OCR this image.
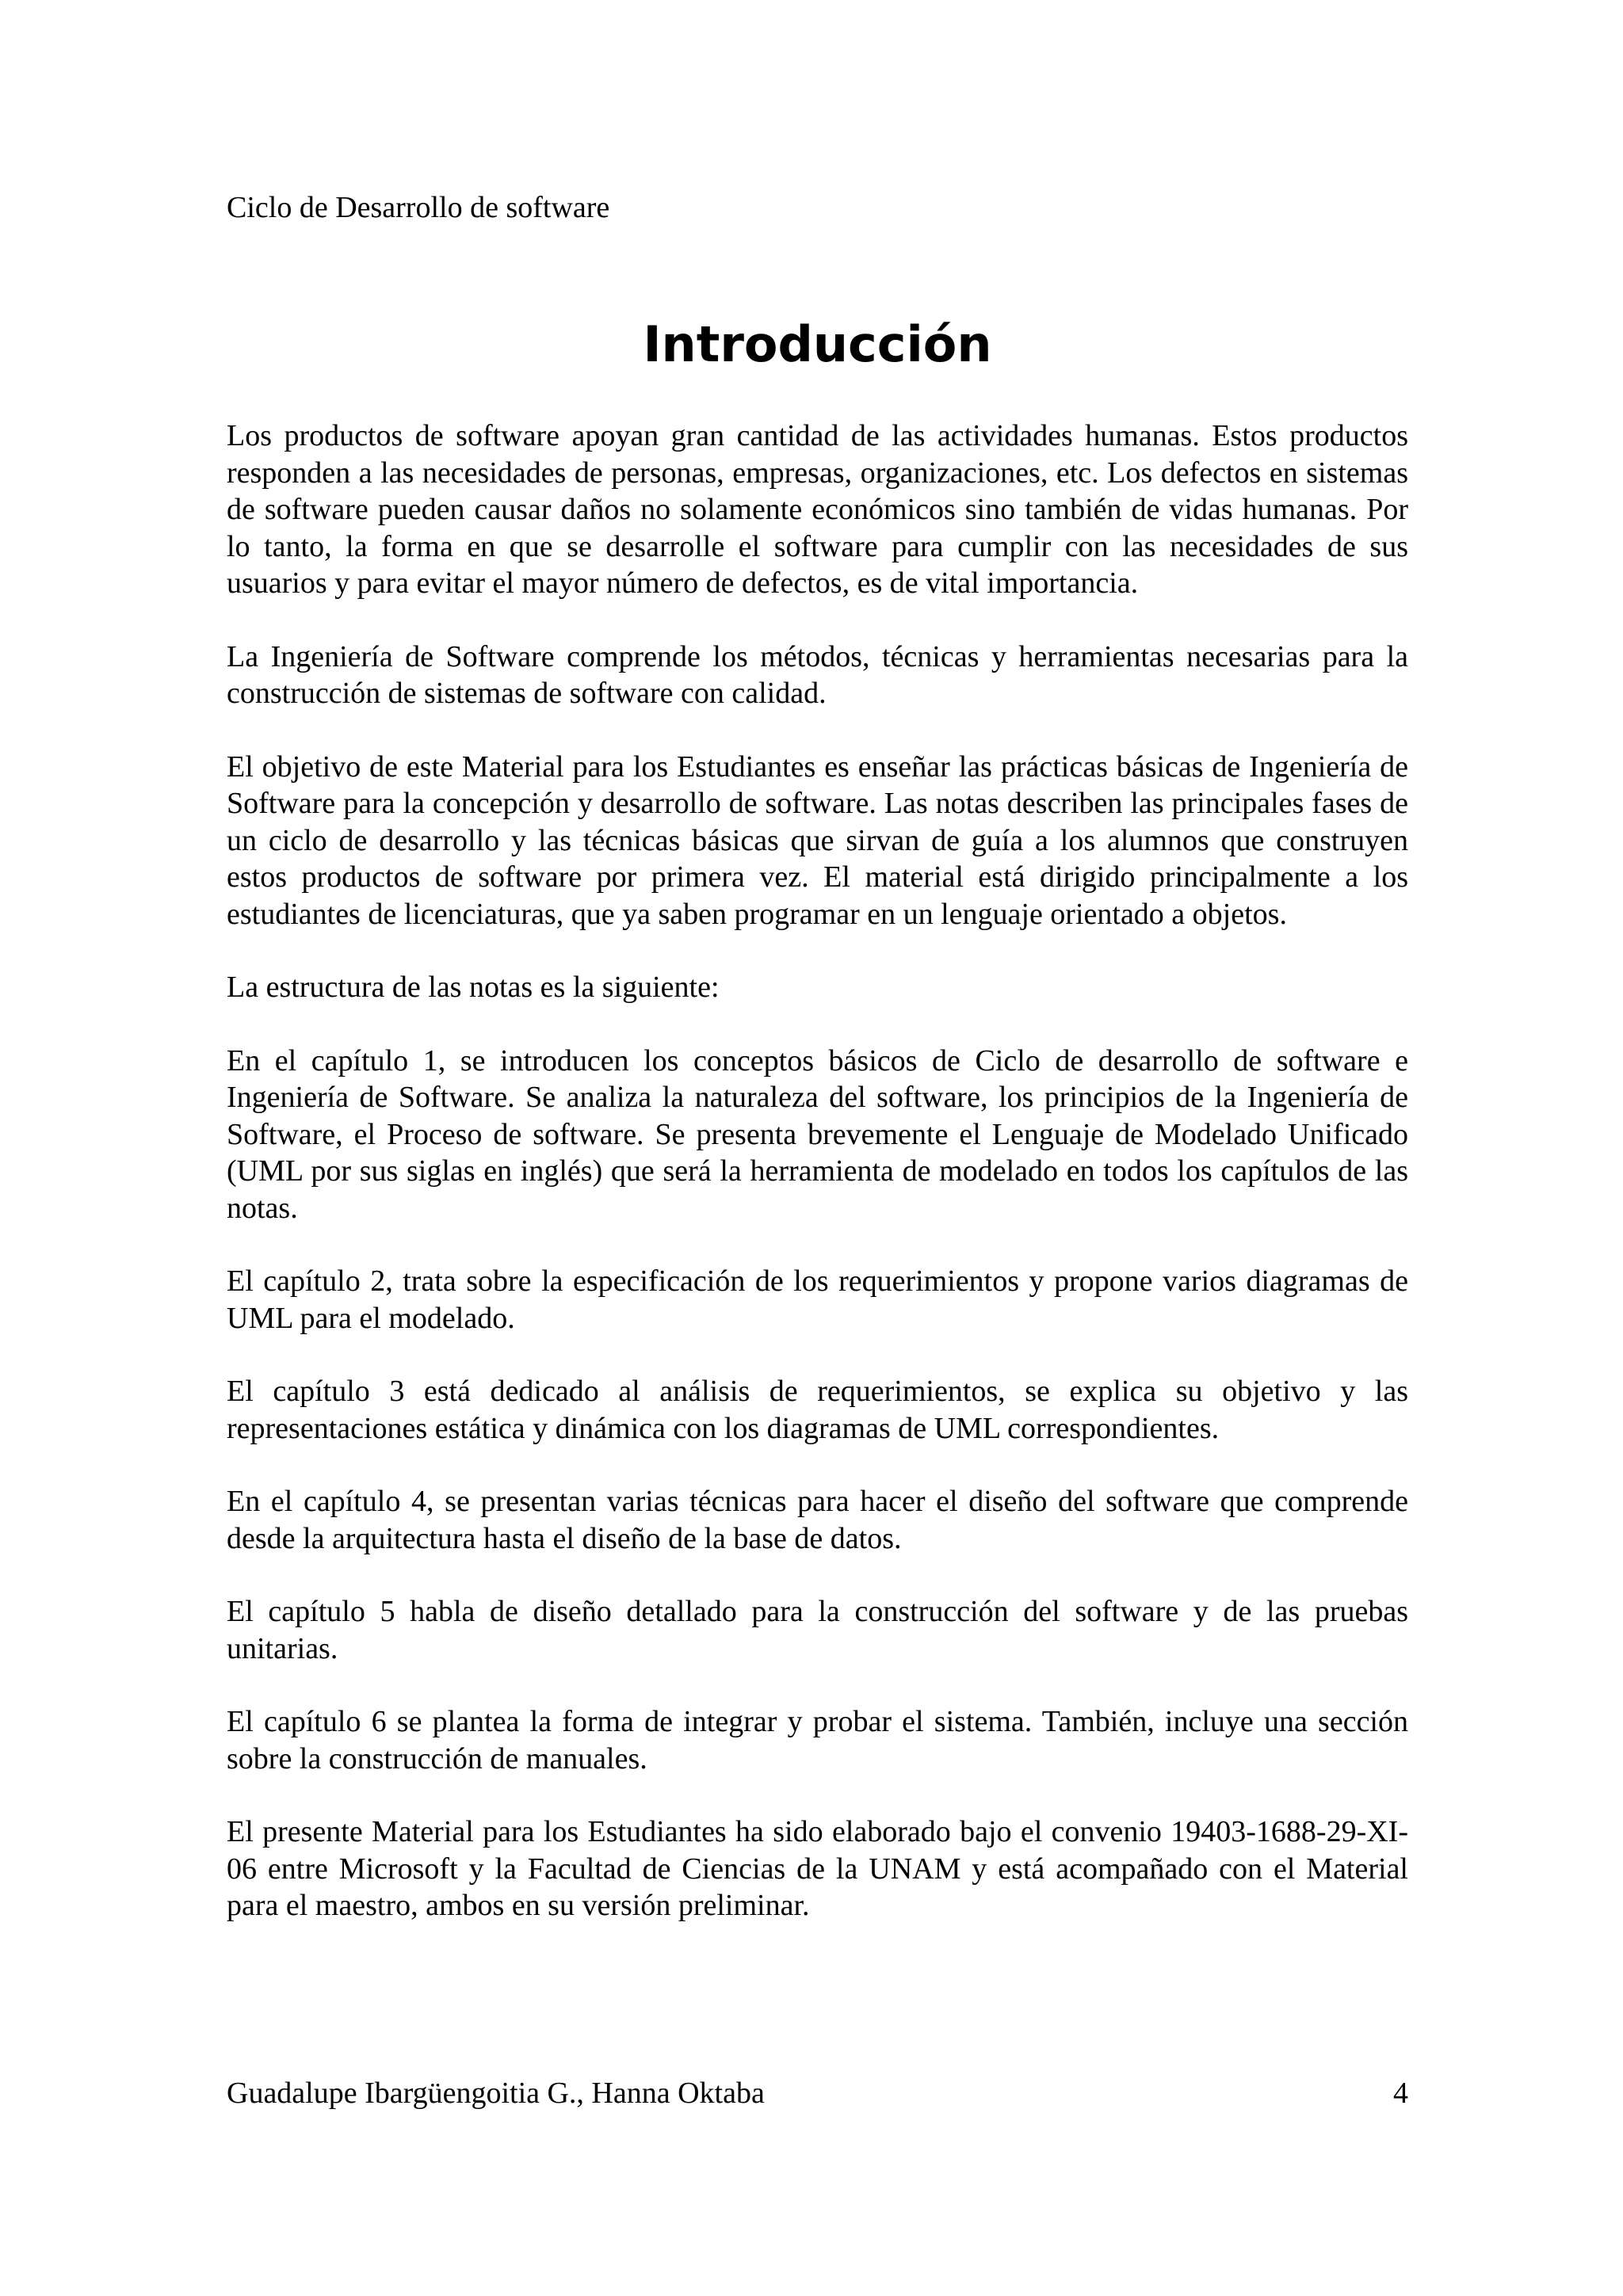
Ciclo de Desarrollo de software
Introducción

Los productos de software apoyan gran cantidad de las actividades humanas. Estos productos responden a las necesidades de personas, empresas, organizaciones, etc. Los defectos en sistemas de software pueden causar daños no solamente económicos sino también de vidas humanas. Por lo tanto, la forma en que se desarrolle el software para cumplir con las necesidades de sus usuarios y para evitar el mayor número de defectos, es de vital importancia.

La Ingeniería de Software comprende los métodos, técnicas y herramientas necesarias para la construcción de sistemas de software con calidad.

El objetivo de este Material para los Estudiantes es enseñar las prácticas básicas de Ingeniería de Software para la concepción y desarrollo de software. Las notas describen las principales fases de un ciclo de desarrollo y las técnicas básicas que sirvan de guía a los alumnos que construyen estos productos de software por primera vez. El material está dirigido principalmente a los estudiantes de licenciaturas, que ya saben programar en un lenguaje orientado a objetos.

La estructura de las notas es la siguiente:

En el capítulo 1, se introducen los conceptos básicos de Ciclo de desarrollo de software e Ingeniería de Software. Se analiza la naturaleza del software, los principios de la Ingeniería de Software, el Proceso de software. Se presenta brevemente el Lenguaje de Modelado Unificado (UML por sus siglas en inglés) que será la herramienta de modelado en todos los capítulos de las notas.

El capítulo 2, trata sobre la especificación de los requerimientos y propone varios diagramas de UML para el modelado.

El capítulo 3 está dedicado al análisis de requerimientos, se explica su objetivo y las representaciones estática y dinámica con los diagramas de UML correspondientes.

En el capítulo 4, se presentan varias técnicas para hacer el diseño del software que comprende desde la arquitectura hasta el diseño de la base de datos.

El capítulo 5 habla de diseño detallado para la construcción del software y de las pruebas unitarias.

El capítulo 6 se plantea la forma de integrar y probar el sistema. También, incluye una sección sobre la construcción de manuales.

El presente Material para los Estudiantes ha sido elaborado bajo el convenio 19403-1688-29-XI-06 entre Microsoft y la Facultad de Ciencias de la UNAM y está acompañado con el Material para el maestro, ambos en su versión preliminar.

Guadalupe Ibargüengoitia G., Hanna Oktaba	4
